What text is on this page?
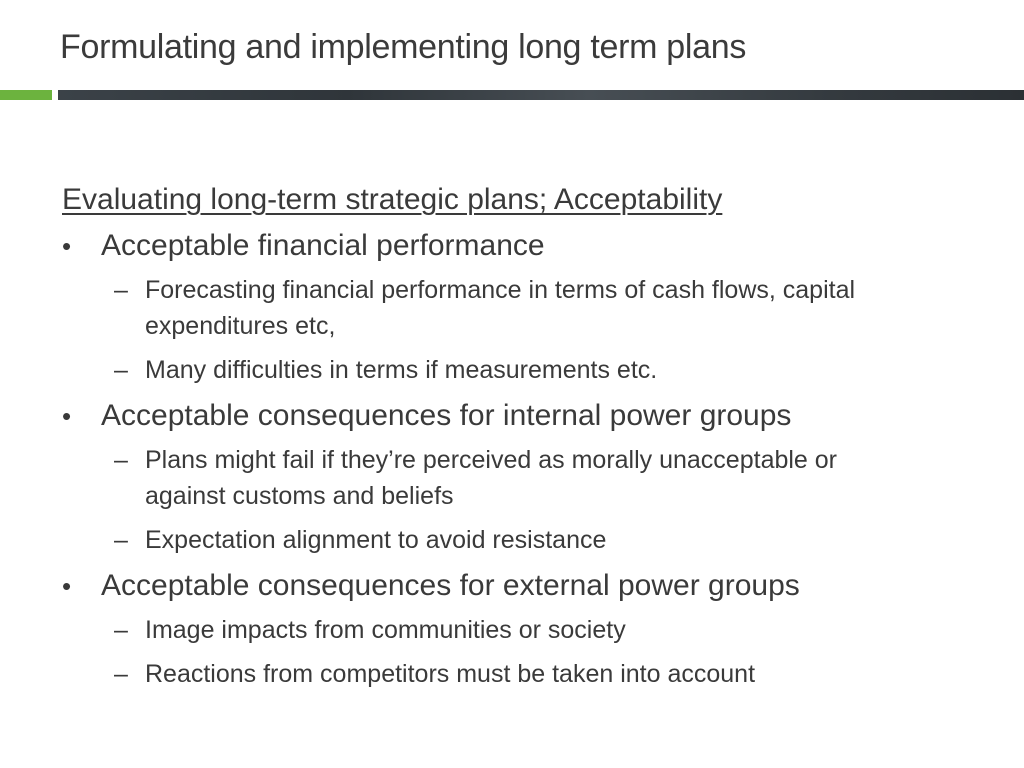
Formulating and implementing long term plans
Evaluating long-term strategic plans; Acceptability
• Acceptable financial performance
– Forecasting financial performance in terms of cash flows, capital expenditures etc,
– Many difficulties in terms if measurements etc.
• Acceptable consequences for internal power groups
– Plans might fail if they’re perceived as morally unacceptable or against customs and beliefs
– Expectation alignment to avoid resistance
• Acceptable consequences for external power groups
– Image impacts from communities or society
– Reactions from competitors must be taken into account
